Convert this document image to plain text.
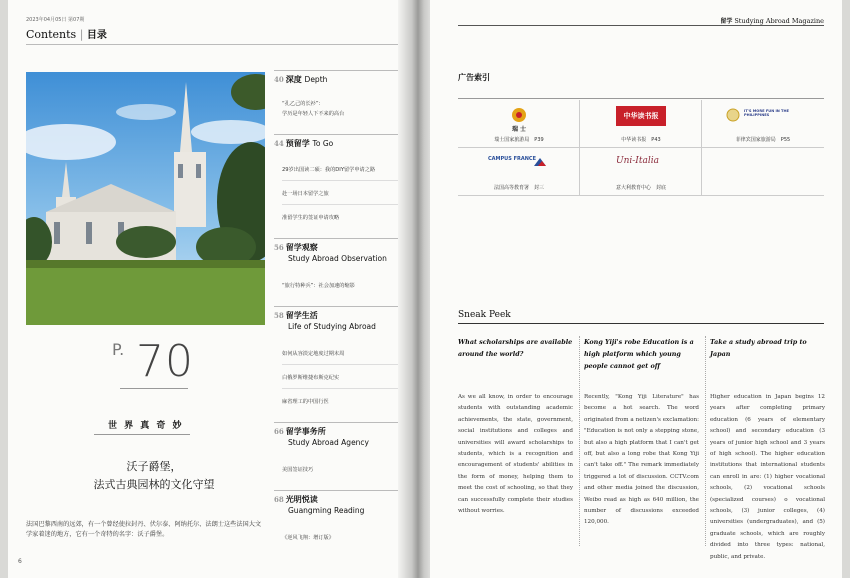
2023年04月05日 第07期
Contents | 目录
P. 70
世 界 真 奇 妙
沃子爵堡，
法式古典园林的文化守望
法国巴黎西南的远郊，有一个曾经使拉封丹、伏尔泰、阿纳托尔、法朗士这些法国大文学家着迷的地方，它有一个奇特的名字：沃子爵堡。
6
40 深度 Depth
“孔乙己的长衫”：
学历是年轻人下不来的高台
44 预留学 To Go
29岁出国读二硕：我的DIY留学申请之路
赴一场日本留学之旅
准留学生的签证申请攻略
56 留学观察
Study Abroad Observation
“旅行特种兵”：社会加速的缩影
58 留学生活
Life of Studying Abroad
如何从容淡定地度过期末周
白俄罗斯维捷布斯克纪实
麻省理工的中国行医
66 留学事务所
Study Abroad Agency
美国签证技巧
68 光明悦读
Guangming Reading
《逆风飞翔：增订版》
留学 Studying Abroad Magazine
广告索引
瑞 士
瑞士国家旅游局　P39
中华读书报
中华读书报　P43
IT'S MORE FUN IN THE PHILIPPINES
菲律宾国家旅游局　P55
CAMPUS FRANCE
法国高等教育署　封三
Uni-Italia
意大利教育中心　封底
Sneak Peek
What scholarships are available around the world?
As we all know, in order to encourage students with outstanding academic achievements, the state, government, social institutions and colleges and universities will award scholarships to students, which is a recognition and encouragement of students' abilities in the form of money, helping them to meet the cost of schooling, so that they can successfully complete their studies without worries.
Kong Yiji's robe Education is a high platform which young people cannot get off
Recently, "Kong Yiji Literature" has become a hot search. The word originated from a netizen's exclamation: "Education is not only a stepping stone, but also a high platform that I can't get off, but also a long robe that Kong Yiji can't take off." The remark immediately triggered a lot of discussion. CCTV.com and other media joined the discussion, Weibo read as high as 640 million, the number of discussions exceeded 120,000.
Take a study abroad trip to Japan
Higher education in Japan begins 12 years after completing primary education (6 years of elementary school) and secondary education (3 years of junior high school and 3 years of high school). The higher education institutions that international students can enroll in are: (1) higher vocational schools, (2) vocational schools (specialized courses) o vocational schools, (3) junior colleges, (4) universities (undergraduates), and (5) graduate schools, which are roughly divided into three types: national, public, and private.
